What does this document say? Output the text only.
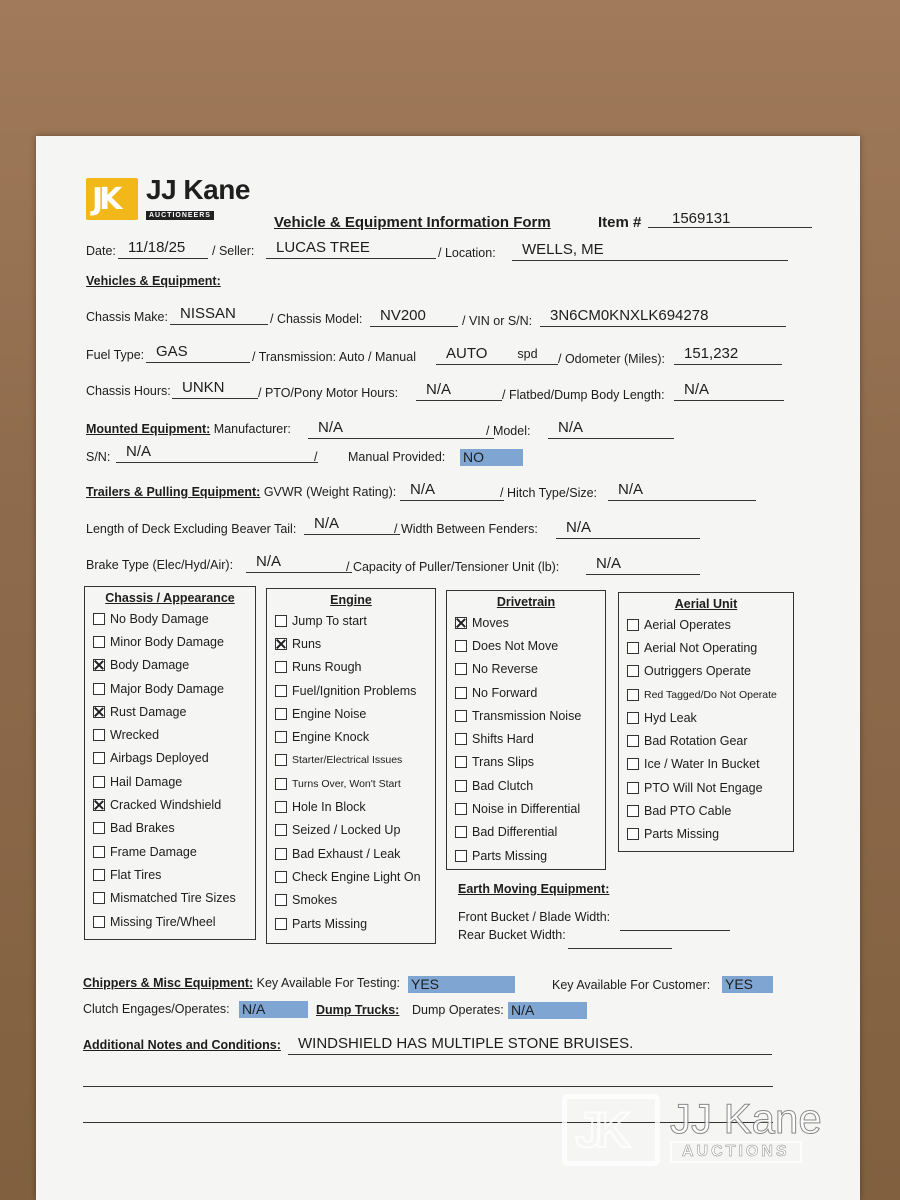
JK JJ Kane
AUCTIONEERS	Vehicle & Equipment Information Form	Item #	1569131
Date: 11/18/25	/ Seller:	LUCAS TREE	/ Location:	WELLS, ME
Vehicles & Equipment:
Chassis Make: NISSAN	/ Chassis Model:	NV200	/ VIN or S/N:	3N6CM0KNXLK694278
Fuel Type: GAS	/ Transmission: Auto / Manual	AUTO spd	/ Odometer (Miles):	151,232
Chassis Hours: UNKN	/ PTO/Pony Motor Hours:	N/A	/ Flatbed/Dump Body Length:	N/A
Mounted Equipment: Manufacturer:	N/A	/ Model:	N/A
S/N:	N/A	/ Manual Provided: NO
Trailers & Pulling Equipment: GVWR (Weight Rating): N/A	/ Hitch Type/Size:	N/A
Length of Deck Excluding Beaver Tail:	N/A	/ Width Between Fenders:	N/A
Brake Type (Elec/Hyd/Air):	N/A	/ Capacity of Puller/Tensioner Unit (lb):	N/A
Chassis / Appearance
No Body Damage
Minor Body Damage
Body Damage
Major Body Damage
Rust Damage
Wrecked
Airbags Deployed
Hail Damage
Cracked Windshield
Bad Brakes
Frame Damage
Flat Tires
Mismatched Tire Sizes
Missing Tire/Wheel
Engine
Jump To start
Runs
Runs Rough
Fuel/Ignition Problems
Engine Noise
Engine Knock
Starter/Electrical Issues
Turns Over, Won't Start
Hole In Block
Seized / Locked Up
Bad Exhaust / Leak
Check Engine Light On
Smokes
Parts Missing
Drivetrain
Moves
Does Not Move
No Reverse
No Forward
Transmission Noise
Shifts Hard
Trans Slips
Bad Clutch
Noise in Differential
Bad Differential
Parts Missing
Aerial Unit
Aerial Operates
Aerial Not Operating
Outriggers Operate
Red Tagged/Do Not Operate
Hyd Leak
Bad Rotation Gear
Ice / Water In Bucket
PTO Will Not Engage
Bad PTO Cable
Parts Missing
Earth Moving Equipment:
Front Bucket / Blade Width:
Rear Bucket Width:
Chippers & Misc Equipment: Key Available For Testing: YES	Key Available For Customer: YES
Clutch Engages/Operates: N/A	Dump Trucks: Dump Operates: N/A
Additional Notes and Conditions:	WINDSHIELD HAS MULTIPLE STONE BRUISES.
JK JJ Kane
AUCTIONS
